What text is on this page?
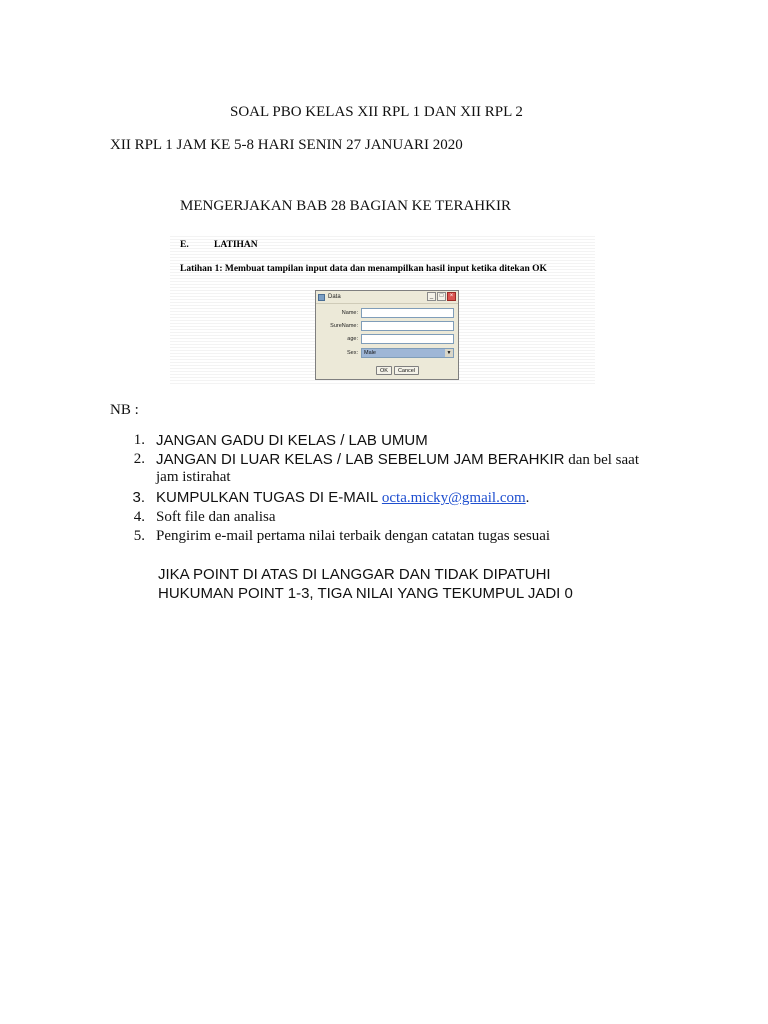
SOAL PBO KELAS XII RPL 1 DAN XII RPL 2
XII RPL 1 JAM KE 5-8 HARI SENIN 27 JANUARI 2020
MENGERJAKAN BAB 28 BAGIAN KE TERAHKIR
E.	LATIHAN
Latihan 1: Membuat tampilan input data dan menampilkan hasil input ketika ditekan OK
Data	_	□	×
Name:
SureName:
age:
Sex:	Male	▼
OK	Cancel
NB :
1. JANGAN GADU DI KELAS / LAB UMUM
2. JANGAN DI LUAR KELAS / LAB SEBELUM JAM BERAHKIR dan bel saat
jam istirahat
3. KUMPULKAN TUGAS DI E-MAIL octa.micky@gmail.com.
4. Soft file dan analisa
5. Pengirim e-mail pertama nilai terbaik dengan catatan tugas sesuai
JIKA POINT DI ATAS DI LANGGAR DAN TIDAK DIPATUHI
HUKUMAN POINT 1-3, TIGA NILAI YANG TEKUMPUL JADI 0
